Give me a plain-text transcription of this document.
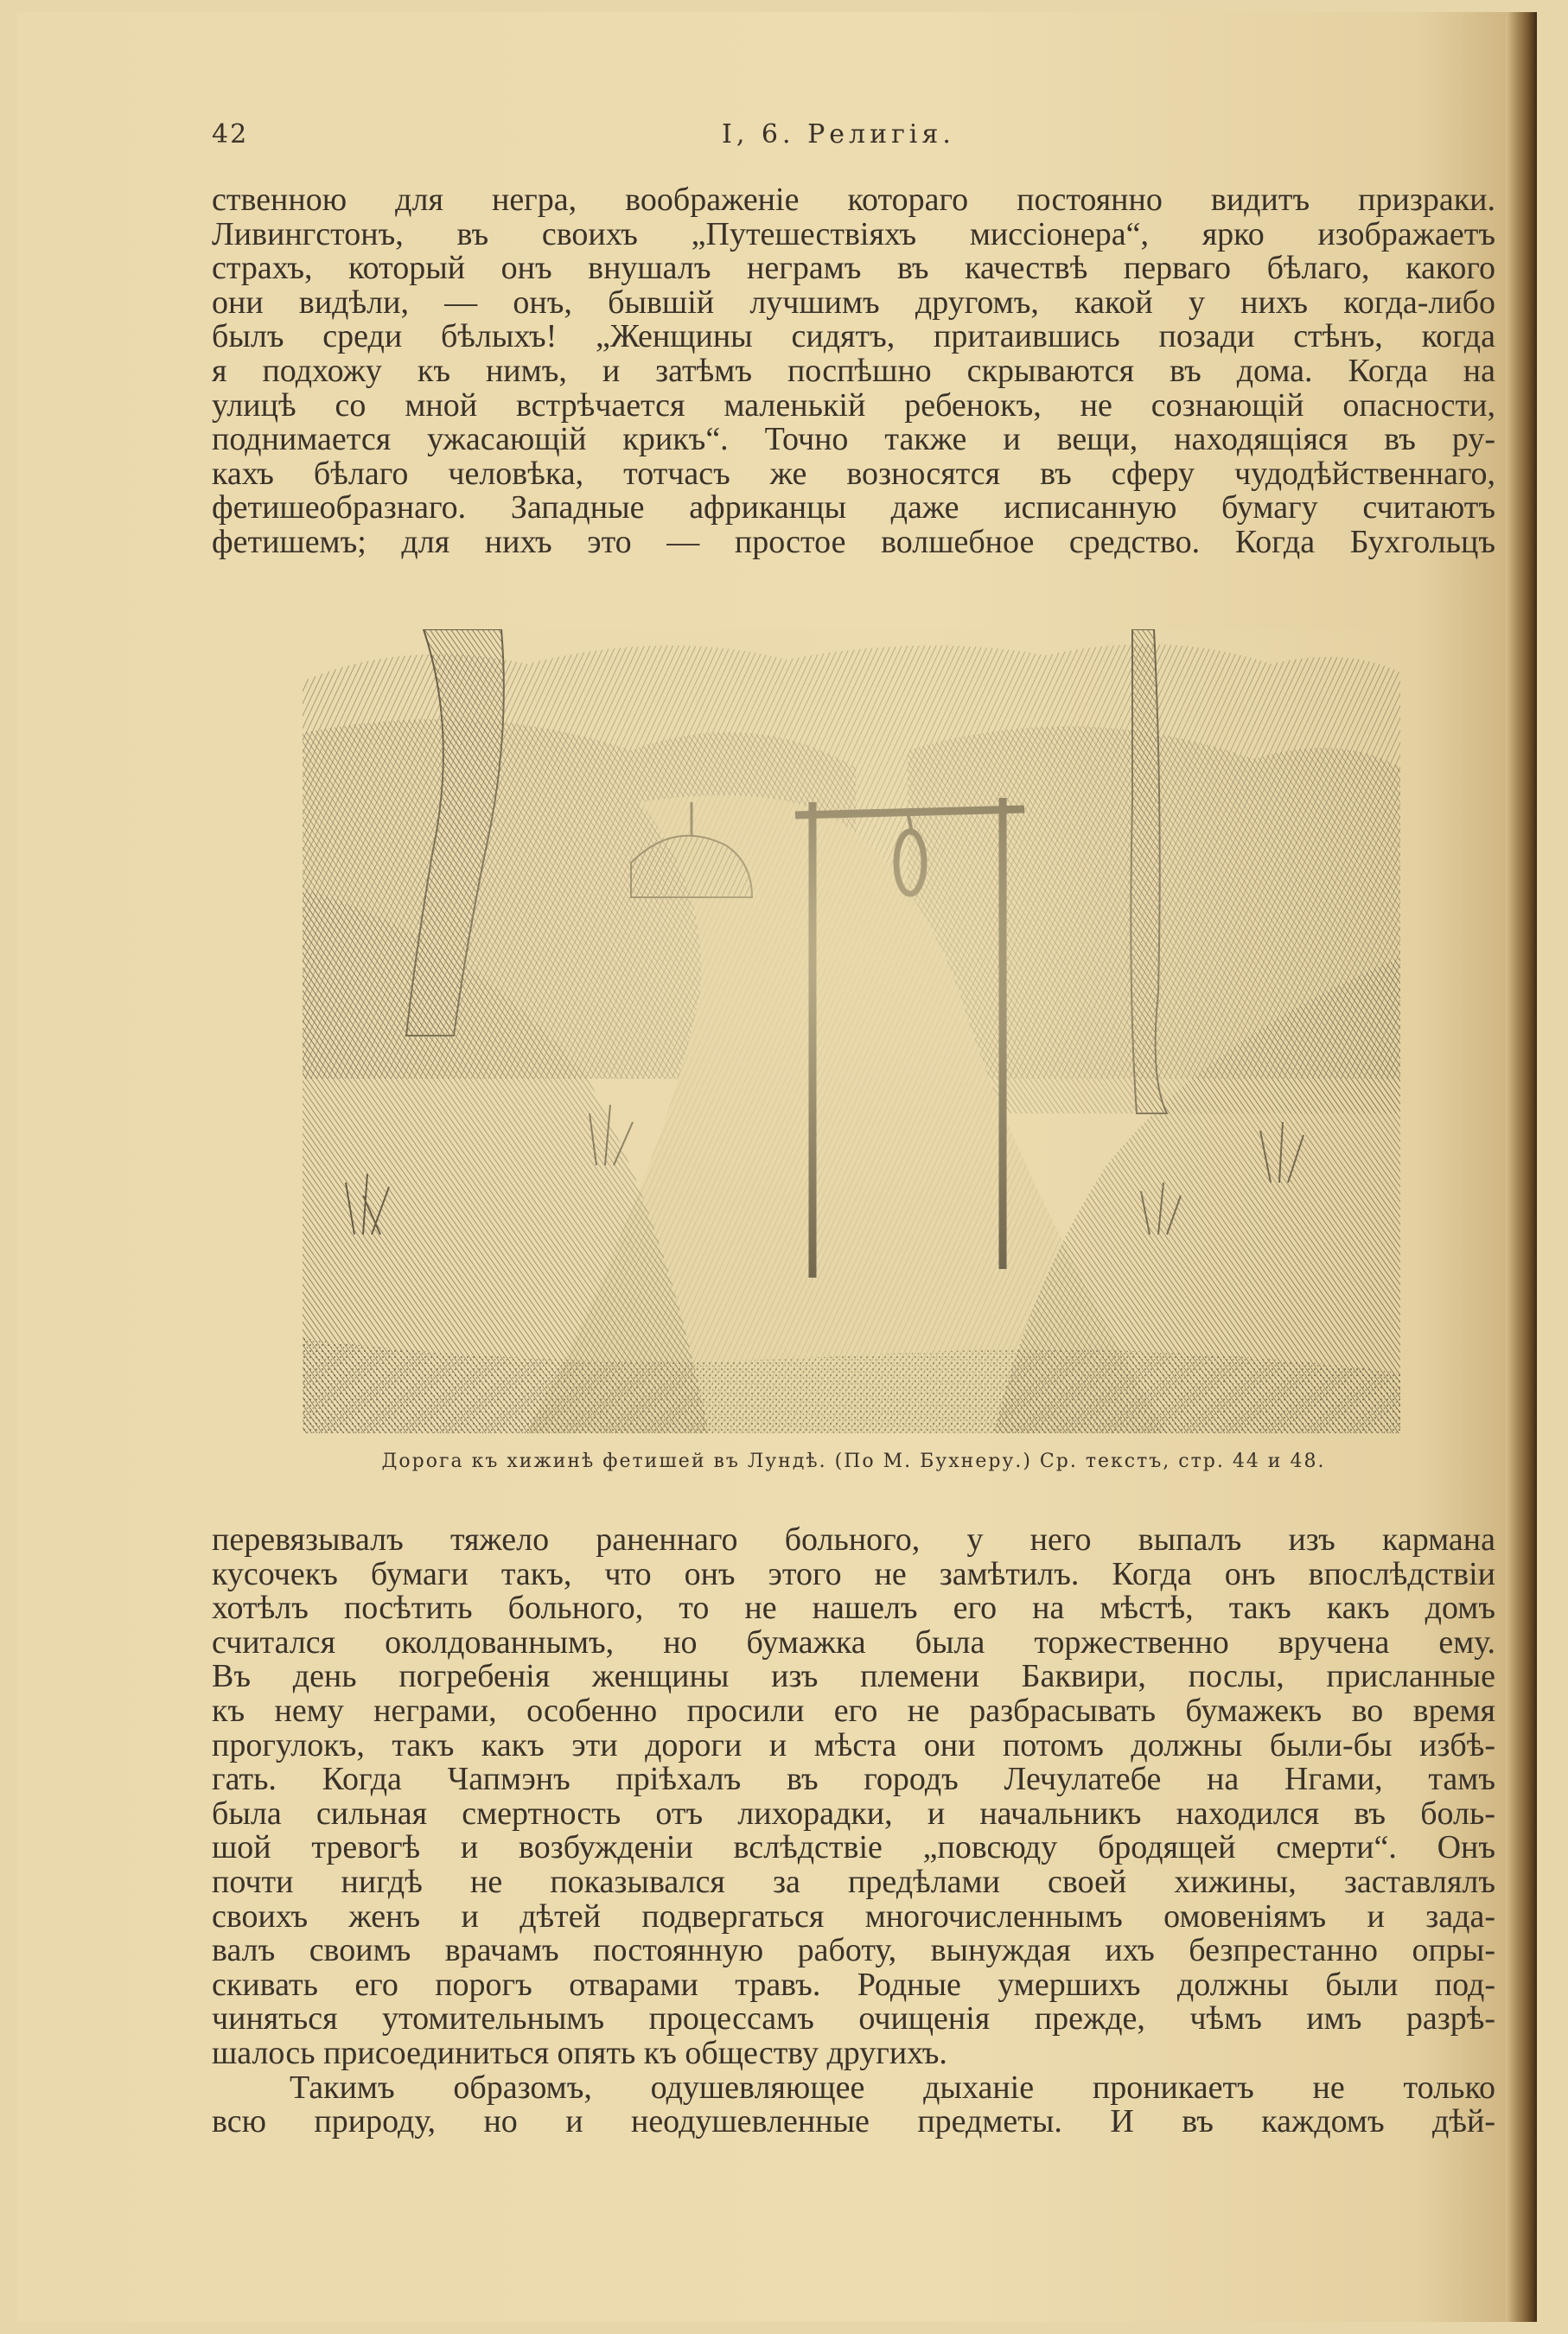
42	I, 6. Религія.
ственною для негра, воображеніе котораго постоянно видитъ призраки.
Ливингстонъ, въ своихъ „Путешествіяхъ миссіонера“, ярко изображаетъ
страхъ, который онъ внушалъ неграмъ въ качествѣ перваго бѣлаго, какого
они видѣли, — онъ, бывшій лучшимъ другомъ, какой у нихъ когда-либо
былъ среди бѣлыхъ! „Женщины сидятъ, притаившись позади стѣнъ, когда
я подхожу къ нимъ, и затѣмъ поспѣшно скрываются въ дома. Когда на
улицѣ со мной встрѣчается маленькій ребенокъ, не сознающій опасности,
поднимается ужасающій крикъ“. Точно также и вещи, находящіяся въ ру-
кахъ бѣлаго человѣка, тотчасъ же возносятся въ сферу чудодѣйственнаго,
фетишеобразнаго. Западные африканцы даже исписанную бумагу считаютъ
фетишемъ; для нихъ это — простое волшебное средство. Когда Бухгольцъ
Дорога къ хижинѣ фетишей въ Лундѣ. (По М. Бухнеру.) Ср. текстъ, стр. 44 и 48.
перевязывалъ тяжело раненнаго больного, у него выпалъ изъ кармана
кусочекъ бумаги такъ, что онъ этого не замѣтилъ. Когда онъ впослѣдствіи
хотѣлъ посѣтить больного, то не нашелъ его на мѣстѣ, такъ какъ домъ
считался околдованнымъ, но бумажка была торжественно вручена ему.
Въ день погребенія женщины изъ племени Баквири, послы, присланные
къ нему неграми, особенно просили его не разбрасывать бумажекъ во время
прогулокъ, такъ какъ эти дороги и мѣста они потомъ должны были-бы избѣ-
гать. Когда Чапмэнъ пріѣхалъ въ городъ Лечулатебе на Нгами, тамъ
была сильная смертность отъ лихорадки, и начальникъ находился въ боль-
шой тревогѣ и возбужденіи вслѣдствіе „повсюду бродящей смерти“. Онъ
почти нигдѣ не показывался за предѣлами своей хижины, заставлялъ
своихъ женъ и дѣтей подвергаться многочисленнымъ омовеніямъ и зада-
валъ своимъ врачамъ постоянную работу, вынуждая ихъ безпрестанно опры-
скивать его порогъ отварами травъ. Родные умершихъ должны были под-
чиняться утомительнымъ процессамъ очищенія прежде, чѣмъ имъ разрѣ-
шалось присоединиться опять къ обществу другихъ.
Такимъ образомъ, одушевляющее дыханіе проникаетъ не только
всю природу, но и неодушевленные предметы. И въ каждомъ дѣй-
